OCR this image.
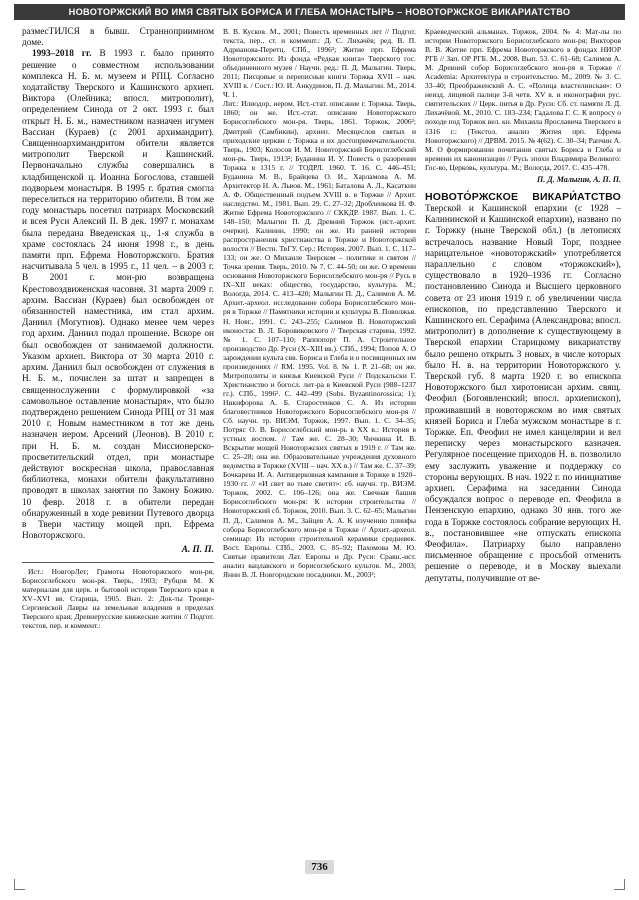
НОВОТОРЖСКИЙ ВО ИМЯ СВЯТЫХ БОРИСА И ГЛЕБА МОНАСТЫРЬ – НОВОТОРЖСКОЕ ВИКАРИАТСТВО

размесТИЛСЯ в бывш. Странноприимном доме.

1993–2018 гг. В 1993 г. было принято решение о совместном использовании комплекса Н. Б. м. музеем и РПЦ. Согласно ходатайству Тверского и Кашинского архиеп. Виктора (Олейника; впосл. митрополит), определением Синода от 2 окт. 1993 г. был открыт Н. Б. м., наместником назначен игумен Вассиан (Кураев) (с 2001 архимандрит). Священноархимандритом обители является митрополит Тверской и Кашинский. Первоначально службы совершались в кладбищенской ц. Иоанна Богослова, ставшей подворьем монастыря. В 1995 г. братия смогла переселиться на территорию обители. В том же году монастырь посетил патриарх Московский и всея Руси Алексий II. В дек. 1997 г. монахам была передана Введенская ц., 1-я служба в храме состоялась 24 июня 1998 г., в день памяти прп. Ефрема Новоторжского. Братия насчитывала 5 чел. в 1995 г., 11 чел. – в 2003 г. В 2001 г. мон-рю возвращена Крестовоздвиженская часовня. 31 марта 2009 г. архим. Вассиан (Кураев) был освобожден от обязанностей наместника, им стал архим. Даниил (Могутнов). Однако менее чем через год архим. Даниил подал прошение. Вскоре он был освобожден от занимаемой должности. Указом архиеп. Виктора от 30 марта 2010 г. архим. Даниил был освобожден от служения в Н. Б. м., почислен за штат и запрещен в священнослужении с формулировкой «за самовольное оставление монастыря», что было подтверждено решением Синода РПЦ от 31 мая 2010 г. Новым наместником в тот же день назначен иером. Арсений (Леонов). В 2010 г. при Н. Б. м. создан Миссионерско-просветительский отдел, при монастыре действуют воскресная школа, православная библиотека, монахи обители факультативно проводят в школах занятия по Закону Божию. 10 февр. 2018 г. в обители передан обнаруженный в ходе ревизии Путевого дворца в Твери частицу мощей прп. Ефрема Новоторжского.

А. П. П.

Ист.: НовгорЛет; Грамоты Новоторжского мон-ря, Борисоглебского мон-ря. Тверь, 1903; Рубцов М. К материалам для церк. и бытовой истории Тверского края в XV–XVI вв. Старица, 1905. Вып. 2: Док-ты Троице-Сергиевской Лавры на земельные владения в пределах Тверского края; Древнерусские княжеские житии // Подгот. текстов, пер. и коммент.:

В. В. Кусков. М., 2001; Повесть временных лет // Подгот. текста, пер., ст. и коммент.: Д. С. Лихачёв; ред. В. П. Адрианова-Перетц. СПб., 1996³; Житие прп. Ефрема Новоторжского: Из фонда «Редкая книга» Тверского гос. объединенного музея / Научн. ред.: П. Д. Малыгин. Тверь, 2011; Писцовые и переписные книги Торжка XVII – нач. XVIII в. / Сост.: Ю. И. Анкудинов, П. Д. Малыгин. М., 2014. Ч. 1.
Лит.: Илиодор, иером. Ист.-стат. описание г. Торжка. Тверь, 1860; он же. Ист.-стат. описание Новоторжского Борисоглебского мон-ря. Тверь, 1861. Торжок, 2006²; Дмитрий (Самбикин), архиеп. Месяцеслов святых и приходские церкви г. Торжка и их достопримечательности. Тверь, 1903; Колосов И. М. Новоторжский Борисоглебский мон-рь. Тверь, 1913²; Буданина И. У. Повесть о разорении Торжка в 1315 г. // ТОДРЛ. 1960. Т. 16. С. 446–451; Буданина М. В., Брайцева О. И., Харламова А. М. Архитектор Н. А. Львов. М., 1961; Баталова А. Л., Касаткин А. Ф. Общественный подъем XVIII в. в Торжке // Архит. наследство. М., 1981. Вып. 29. С. 27–32; Дробленкова Н. Ф. Житие Ефрема Новоторжского // СККДР. 1987. Вып. 1. С. 148–150; Малыгин П. Д. Древний Торжок (ист.-архит. очерки). Калинин, 1990; он же. Из ранней истории распространения христианства в Торжке и Новоторжской волости // Вестн. ТвГУ. Сер.: История. 2007. Вып. 1. С. 117–133; он же. О Михаиле Тверском – политике и святом // Точка зрения. Тверь, 2010. № 7. С. 44–50; он же. О времени основания Новоторжского Борисоглебского мон-ря // Русь в IX–XII веках: общество, государство, культура. М.; Вологда, 2014. С. 413–420; Малыгин П. Д., Салимов А. М. Архит.-археол. исследование собора Борисоглебского мон-ря в Торжке // Памятники истории и культуры В. Поволжья. Н. Новг., 1991. С. 243–255; Салимов В. Новоторжский иконостас В. Л. Боровиковского // Тверская старина. 1992. № 1. С. 107–110; Раппопорт П. А. Строительное производство Др. Руси (X–XIII вв.). СПб., 1994; Попов А. О зарождении культа свв. Бориса и Глеба и о посвященных им произведениях // RM. 1995. Vol. 8. № 1. P. 21–68; он же. Митрополиты и князья Киевской Руси // Подскальски Г. Христианство и богосл. лит-ра в Киевской Руси (988–1237 гг.). СПб., 1996². С. 442–499 (Subs. Byzantinorossica; 1); Никифорова А. Б. Старостенков С. А. Из истории благовестников Новоторжского Борисоглебского мон-ря // Сб. научн. тр. ВИЭМ. Торжок, 1997. Вып. 1. С. 34–35; Потряс О. В. Борисоглебский мон-рь в XX в.: История в устных воспом. // Там же. С. 28–30; Чичкина И. В. Вскрытие мощей Новоторжских святых в 1919 г. // Там же. С. 25–28; она же. Образовательные учреждения духовного ведомства в Торжке (XVIII – нач. XX в.) // Там же. С. 37–39; Бочкарева И. А. Антицерковная кампания в Торжке в 1920–1930 гг. // «И свет во тьме светит»: сб. научн. тр. ВИЭМ. Торжок, 2002. С. 106–126; она же. Свечная башня Борисоглебского мон-ря: К истории строительства // Новоторжский сб. Торжок, 2010. Вып. 3. С. 62–65; Малыгин П. Д., Салимов А. М., Зайцев А. А. К изучению плинфы собора Борисоглебского мон-ря в Торжке // Архит.-археол. семинар: Из истории строительной керамики средневек. Вост. Европы. СПб., 2003. С. 85–92; Пахомова М. Ю. Святые правители Лат. Европы и Др. Руси: Сравн.-ист. анализ вацлавского и борисоглебского культов. М., 2003; Янин В. Л. Новгородские посадники. М., 2003²;

Краеведческий альманах. Торжок, 2004. № 4: Мат-лы по истории Новоторжского Борисоглебского мон-ря; Викторов В. В. Житие прп. Ефрема Новоторжского в фондах НИОР РГБ // Зап. ОР РГБ. М., 2008. Вып. 53. С. 61–68; Салимов А. М. Древний собор Борисоглебского мон-ря в Торжке // Academia: Архитектура и строительство. М., 2009. № 3. С. 33–40; Преображенский А. С. «Полица властелинская»: О неизд. лицевой палице 3-й четв. XV в. и иконографии рус. святительских // Церк. питья в Др. Руси: Сб. ст. памяти Л. Д. Лихачёвой. М., 2010. С. 183–234; Гадалова Г. С. К вопросу о походе под Торжок вел. кн. Михаила Ярославича Тверского в 1316 г.: (Текстол. анализ Жития прп. Ефрема Новоторжского) // ДРВМ. 2015. № 4(62). С. 30–34; Рапчин А. М. О формировании почитания святых Бориса и Глеба и времени их канонизации // Русь эпохи Владимира Великого: Гос-во, Церковь, культура. М.; Вологда, 2017. С. 435–478.

П. Д. Малыгин, А. П. П.

НОВОТО́РЖСКОЕ ВИКАРИ́АТСТВО Тверской и Кашинской епархии (с 1928 – Калининской и Кашинской епархии), названо по г. Торжку (ныне Тверской обл.) (в летописях встречалось название Новый Торг, позднее нарицательное «новоторжский» употребляется параллельно с словом «торжокский»), существовало в 1920–1936 гг. Согласно постановлению Синода и Высшего церковного совета от 23 июня 1919 г. об увеличении числа епископов, по представлению Тверского и Кашинского еп. Серафима (Александрова; впосл. митрополит) в дополнение к существующему в Тверской епархии Старицкому викариатству было решено открыть 3 новых, в числе которых было Н. в. на территории Новоторжского у. Тверской губ. 8 марта 1920 г. во епископа Новоторжского был хиротонисан архим. свящ. Феофил (Богоявленский; впосл. архиепископ), проживавший в новоторжском во имя святых князей Бориса и Глеба мужском монастыре в г. Торжке. Еп. Феофил не имел канцелярии и вел переписку через монастырского казначея. Регулярное посещение приходов Н. в. позволило ему заслужить уважение и поддержку со стороны верующих. В нач. 1922 г. по инициативе архиеп. Серафима на заседании Синода обсуждался вопрос о переводе еп. Феофила в Пензенскую епархию, однако 30 янв. того же года в Торжке состоялось собрание верующих Н. в., постановившее «не отпускать епископа Феофила». Патриарху было направлено письменное обращение с просьбой отменить решение о переводе, и в Москву выехали депутаты, получившие от ве-

736
